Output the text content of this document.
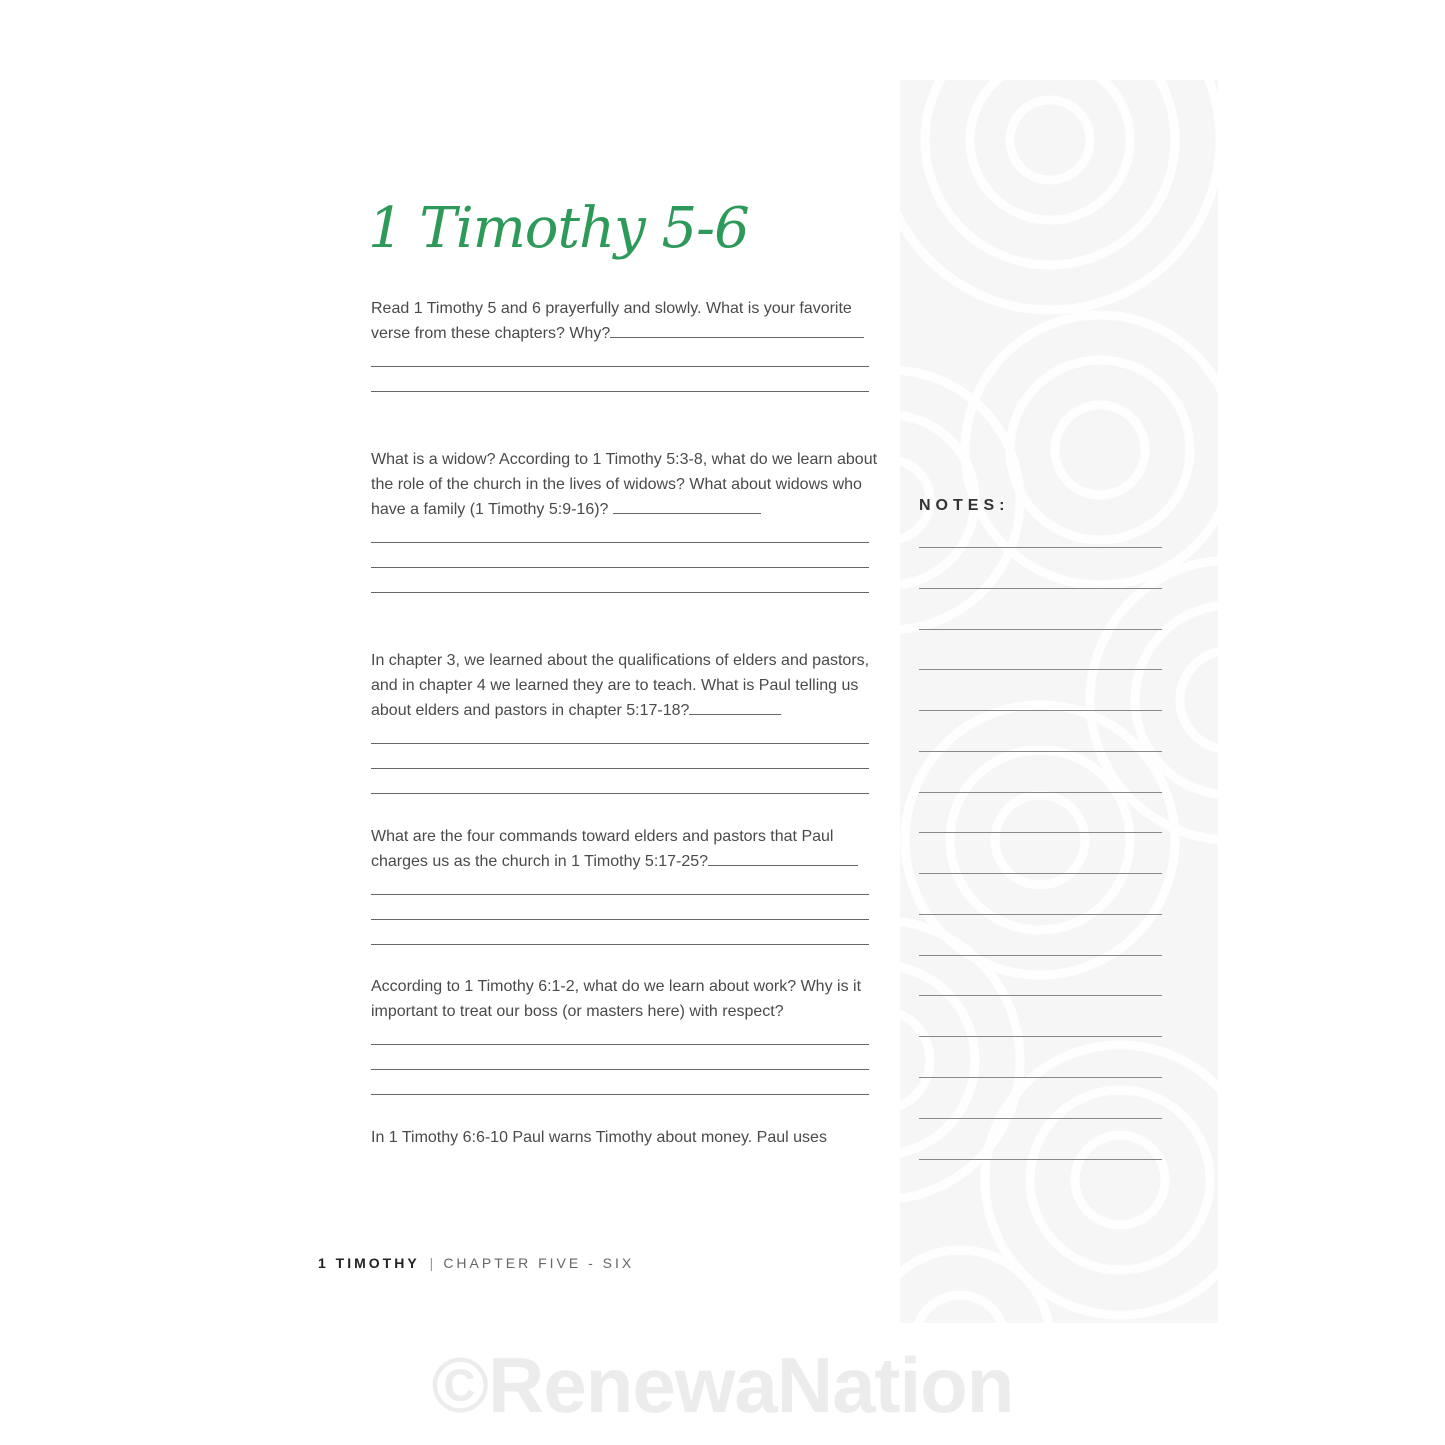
1 Timothy 5-6

Read 1 Timothy 5 and 6 prayerfully and slowly. What is your favorite verse from these chapters? Why?

What is a widow? According to 1 Timothy 5:3-8, what do we learn about the role of the church in the lives of widows? What about widows who have a family (1 Timothy 5:9-16)?

In chapter 3, we learned about the qualifications of elders and pastors, and in chapter 4 we learned they are to teach. What is Paul telling us about elders and pastors in chapter 5:17-18?

What are the four commands toward elders and pastors that Paul charges us as the church in 1 Timothy 5:17-25?

According to 1 Timothy 6:1-2, what do we learn about work? Why is it important to treat our boss (or masters here) with respect?

In 1 Timothy 6:6-10 Paul warns Timothy about money. Paul uses

NOTES:
1 TIMOTHY | CHAPTER FIVE - SIX
©RenewaNation
